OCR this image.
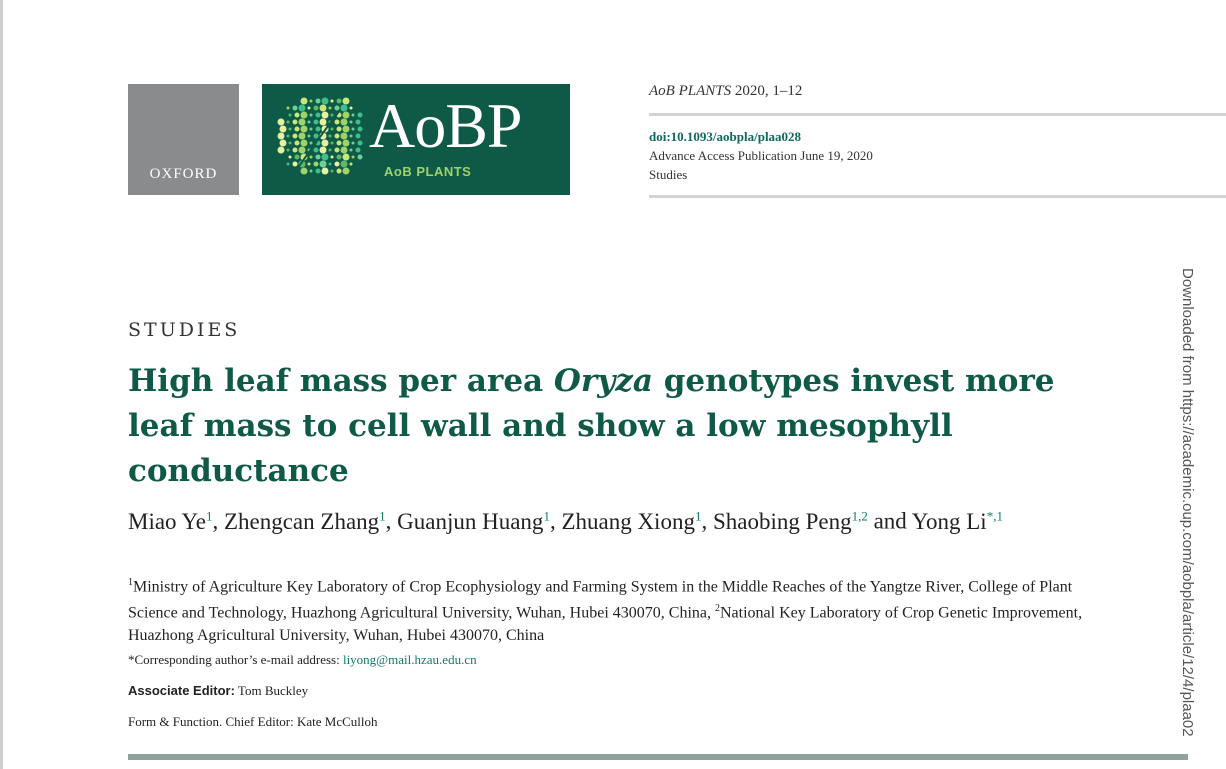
OXFORD
AoBP
AoB PLANTS
AoB PLANTS 2020, 1–12
doi:10.1093/aobpla/plaa028
Advance Access Publication June 19, 2020
Studies
STUDIES
High leaf mass per area Oryza genotypes invest more leaf mass to cell wall and show a low mesophyll conductance
Miao Ye$^1$, Zhengcan Zhang$^1$, Guanjun Huang$^1$, Zhuang Xiong$^1$, Shaobing Peng$^{1,2}$ and Yong $Li^{*,1}$
$^1$Ministry of Agriculture Key Laboratory of Crop Ecophysiology and Farming System in the Middle Reaches of the Yangtze River, College of Plant Science and Technology, Huazhong Agricultural University, Wuhan, Hubei 430070, China, $^2$National Key Laboratory of Crop Genetic Improvement, Huazhong Agricultural University, Wuhan, Hubei 430070, China
*Corresponding author’s e-mail address: liyong@mail.hzau.edu.cn
Associate Editor: Tom Buckley
Form & Function. Chief Editor: Kate McCulloh	Downloaded from https://academic.oup.com/aobpla/article/12/4/plaa02
